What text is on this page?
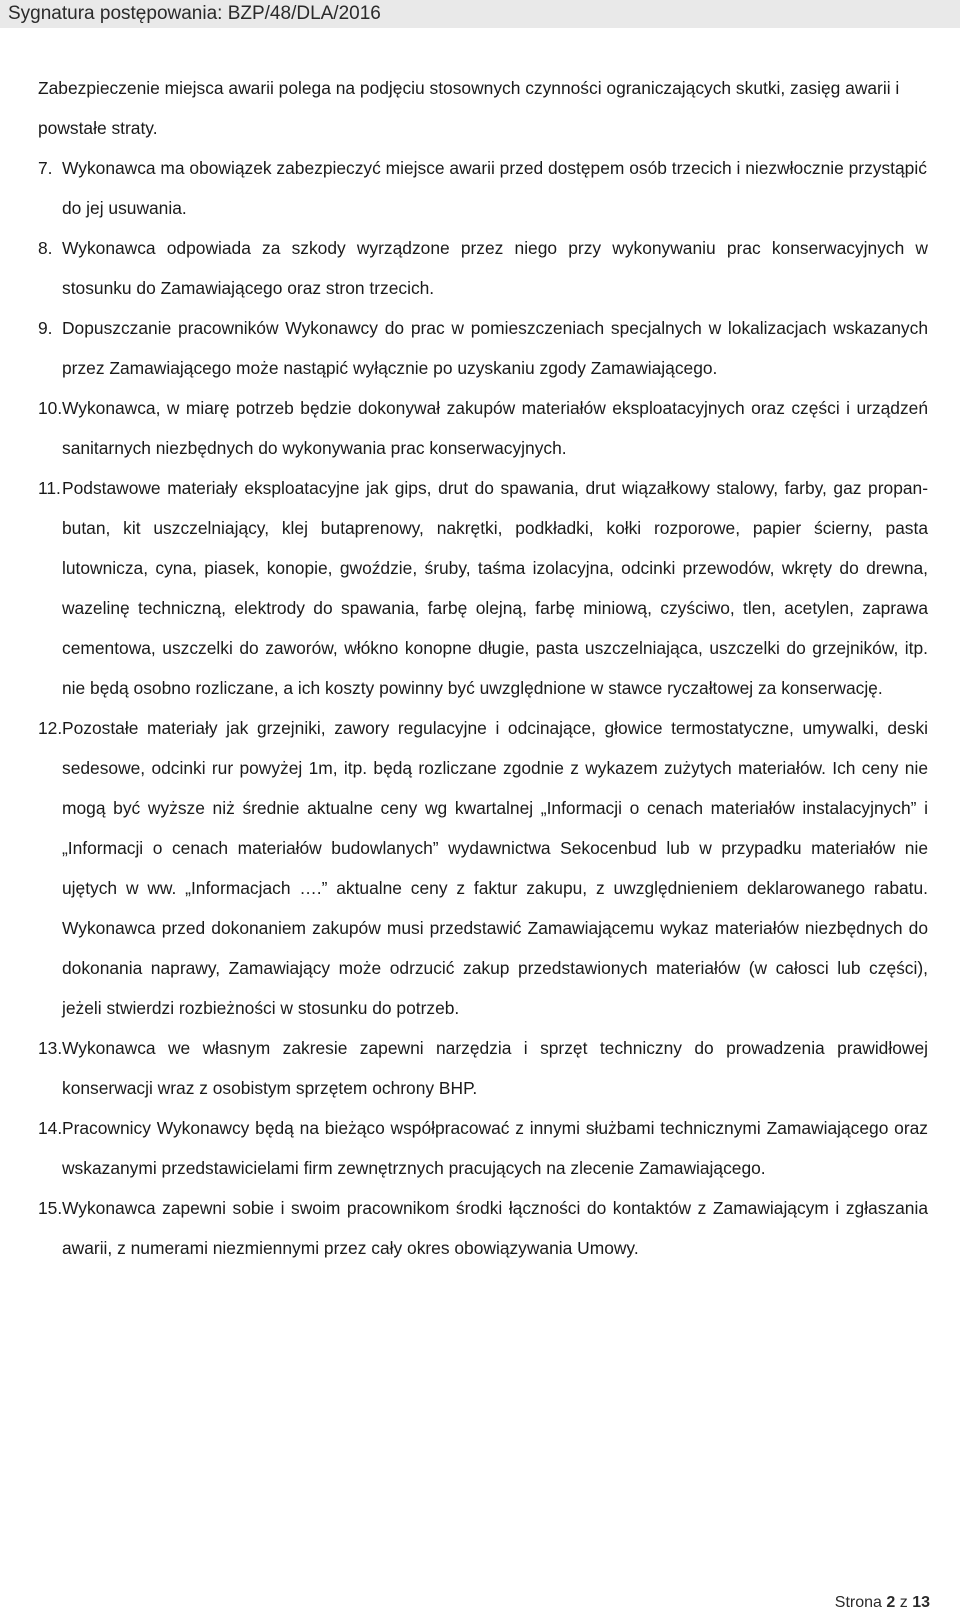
Sygnatura postępowania: BZP/48/DLA/2016

Zabezpieczenie miejsca awarii polega na podjęciu stosownych czynności ograniczających skutki, zasięg awarii i powstałe straty.

7. Wykonawca ma obowiązek zabezpieczyć miejsce awarii przed dostępem osób trzecich i niezwłocznie przystąpić do jej usuwania.
8. Wykonawca odpowiada za szkody wyrządzone przez niego przy wykonywaniu prac konserwacyjnych w stosunku do Zamawiającego oraz stron trzecich.
9. Dopuszczanie pracowników Wykonawcy do prac w pomieszczeniach specjalnych w lokalizacjach wskazanych przez Zamawiającego może nastąpić wyłącznie po uzyskaniu zgody Zamawiającego.
10. Wykonawca, w miarę potrzeb będzie dokonywał zakupów materiałów eksploatacyjnych oraz części i urządzeń sanitarnych niezbędnych do wykonywania prac konserwacyjnych.
11. Podstawowe materiały eksploatacyjne jak gips, drut do spawania, drut wiązałkowy stalowy, farby, gaz propan-butan, kit uszczelniający, klej butaprenowy, nakrętki, podkładki, kołki rozporowe, papier ścierny, pasta lutownicza, cyna, piasek, konopie, gwoździe, śruby, taśma izolacyjna, odcinki przewodów, wkręty do drewna, wazelinę techniczną, elektrody do spawania, farbę olejną, farbę miniową, czyściwo, tlen, acetylen, zaprawa cementowa, uszczelki do zaworów, włókno konopne długie, pasta uszczelniająca, uszczelki do grzejników, itp. nie będą osobno rozliczane, a ich koszty powinny być uwzględnione w stawce ryczałtowej za konserwację.
12. Pozostałe materiały jak grzejniki, zawory regulacyjne i odcinające, głowice termostatyczne, umywalki, deski sedesowe, odcinki rur powyżej 1m, itp. będą rozliczane zgodnie z wykazem zużytych materiałów. Ich ceny nie mogą być wyższe niż średnie aktualne ceny wg kwartalnej „Informacji o cenach materiałów instalacyjnych” i „Informacji o cenach materiałów budowlanych” wydawnictwa Sekocenbud lub w przypadku materiałów nie ujętych w ww. „Informacjach ….” aktualne ceny z faktur zakupu, z uwzględnieniem deklarowanego rabatu. Wykonawca przed dokonaniem zakupów musi przedstawić Zamawiającemu wykaz materiałów niezbędnych do dokonania naprawy, Zamawiający może odrzucić zakup przedstawionych materiałów (w całosci lub części), jeżeli stwierdzi rozbieżności w stosunku do potrzeb.
13. Wykonawca we własnym zakresie zapewni narzędzia i sprzęt techniczny do prowadzenia prawidłowej konserwacji wraz z osobistym sprzętem ochrony BHP.
14. Pracownicy Wykonawcy będą na bieżąco współpracować z innymi służbami technicznymi Zamawiającego oraz wskazanymi przedstawicielami firm zewnętrznych pracujących na zlecenie Zamawiającego.
15. Wykonawca zapewni sobie i swoim pracownikom środki łączności do kontaktów z Zamawiającym i zgłaszania awarii, z numerami niezmiennymi przez cały okres obowiązywania Umowy.
Strona 2 z 13
